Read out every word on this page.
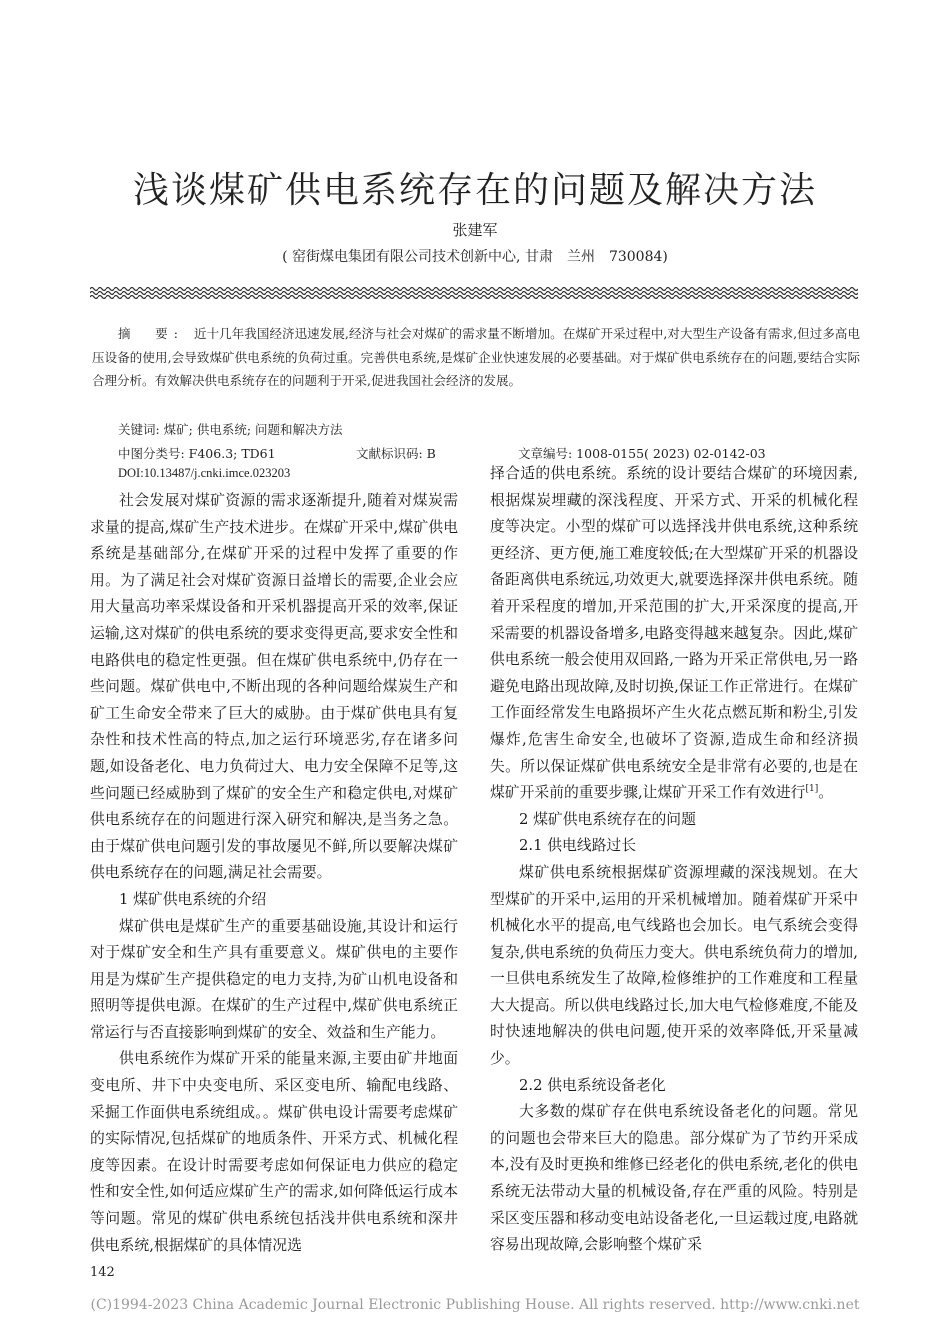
浅谈煤矿供电系统存在的问题及解决方法
张建军
( 窑街煤电集团有限公司技术创新中心, 甘肃　兰州　730084)

摘　要: 近十几年我国经济迅速发展,经济与社会对煤矿的需求量不断增加。在煤矿开采过程中,对大型生产设备有需求,但过多高电压设备的使用,会导致煤矿供电系统的负荷过重。完善供电系统,是煤矿企业快速发展的必要基础。对于煤矿供电系统存在的问题,要结合实际合理分析。有效解决供电系统存在的问题利于开采,促进我国社会经济的发展。

关键词: 煤矿; 供电系统; 问题和解决方法
中图分类号: F406.3; TD61	文献标识码: B	文章编号: 1008-0155( 2023) 02-0142-03
DOI:10.13487/j.cnki.imce.023203

社会发展对煤矿资源的需求逐渐提升,随着对煤炭需求量的提高,煤矿生产技术进步。在煤矿开采中,煤矿供电系统是基础部分,在煤矿开采的过程中发挥了重要的作用。为了满足社会对煤矿资源日益增长的需要,企业会应用大量高功率采煤设备和开采机器提高开采的效率,保证运输,这对煤矿的供电系统的要求变得更高,要求安全性和电路供电的稳定性更强。但在煤矿供电系统中,仍存在一些问题。煤矿供电中,不断出现的各种问题给煤炭生产和矿工生命安全带来了巨大的威胁。由于煤矿供电具有复杂性和技术性高的特点,加之运行环境恶劣,存在诸多问题,如设备老化、电力负荷过大、电力安全保障不足等,这些问题已经威胁到了煤矿的安全生产和稳定供电,对煤矿供电系统存在的问题进行深入研究和解决,是当务之急。由于煤矿供电问题引发的事故屡见不鲜,所以要解决煤矿供电系统存在的问题,满足社会需要。

1 煤矿供电系统的介绍

煤矿供电是煤矿生产的重要基础设施,其设计和运行对于煤矿安全和生产具有重要意义。煤矿供电的主要作用是为煤矿生产提供稳定的电力支持,为矿山机电设备和照明等提供电源。在煤矿的生产过程中,煤矿供电系统正常运行与否直接影响到煤矿的安全、效益和生产能力。

供电系统作为煤矿开采的能量来源,主要由矿井地面变电所、井下中央变电所、采区变电所、输配电线路、采掘工作面供电系统组成。。煤矿供电设计需要考虑煤矿的实际情况,包括煤矿的地质条件、开采方式、机械化程度等因素。在设计时需要考虑如何保证电力供应的稳定性和安全性,如何适应煤矿生产的需求,如何降低运行成本等问题。常见的煤矿供电系统包括浅井供电系统和深井供电系统,根据煤矿的具体情况选

择合适的供电系统。系统的设计要结合煤矿的环境因素,根据煤炭埋藏的深浅程度、开采方式、开采的机械化程度等决定。小型的煤矿可以选择浅井供电系统,这种系统更经济、更方便,施工难度较低;在大型煤矿开采的机器设备距离供电系统远,功效更大,就要选择深井供电系统。随着开采程度的增加,开采范围的扩大,开采深度的提高,开采需要的机器设备增多,电路变得越来越复杂。因此,煤矿供电系统一般会使用双回路,一路为开采正常供电,另一路避免电路出现故障,及时切换,保证工作正常进行。在煤矿工作面经常发生电路损坏产生火花点燃瓦斯和粉尘,引发爆炸,危害生命安全,也破坏了资源,造成生命和经济损失。所以保证煤矿供电系统安全是非常有必要的,也是在煤矿开采前的重要步骤,让煤矿开采工作有效进行[1]。

2 煤矿供电系统存在的问题
2.1 供电线路过长

煤矿供电系统根据煤矿资源埋藏的深浅规划。在大型煤矿的开采中,运用的开采机械增加。随着煤矿开采中机械化水平的提高,电气线路也会加长。电气系统会变得复杂,供电系统的负荷压力变大。供电系统负荷力的增加,一旦供电系统发生了故障,检修维护的工作难度和工程量大大提高。所以供电线路过长,加大电气检修难度,不能及时快速地解决的供电问题,使开采的效率降低,开采量减少。

2.2 供电系统设备老化

大多数的煤矿存在供电系统设备老化的问题。常见的问题也会带来巨大的隐患。部分煤矿为了节约开采成本,没有及时更换和维修已经老化的供电系统,老化的供电系统无法带动大量的机械设备,存在严重的风险。特别是采区变压器和移动变电站设备老化,一旦运载过度,电路就容易出现故障,会影响整个煤矿采

142
(C)1994-2023 China Academic Journal Electronic Publishing House. All rights reserved. http://www.cnki.net
